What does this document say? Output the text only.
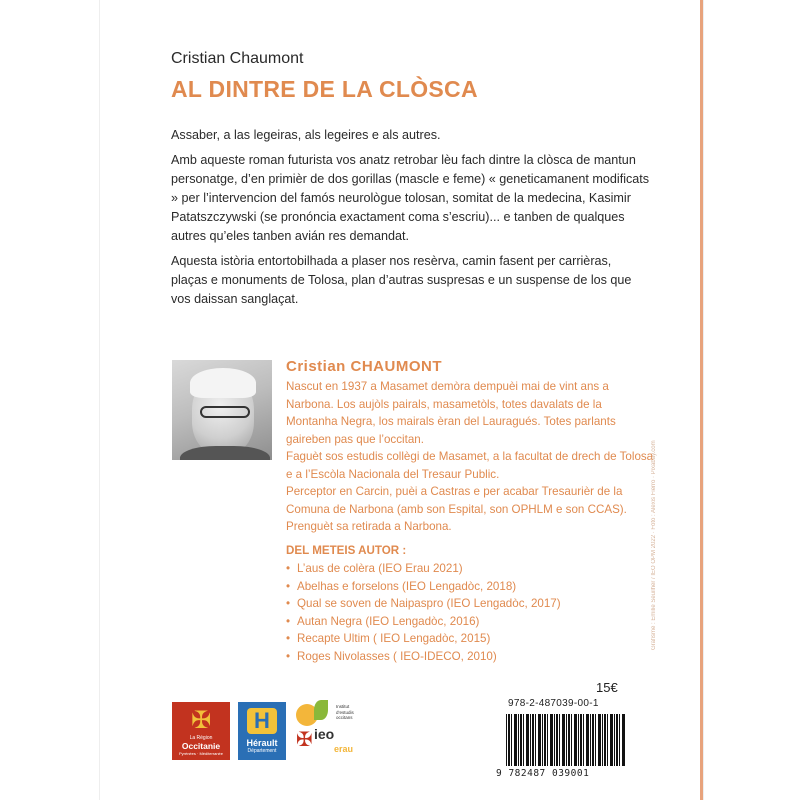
Cristian Chaumont
AL DINTRE DE LA CLÒSCA

Assaber, a las legeiras, als legeires e als autres.

Amb aqueste roman futurista vos anatz retrobar lèu fach dintre la clòsca de mantun personatge, d’en primièr de dos gorillas (mascle e feme) « geneticamanent modificats » per l’intervencion del famós neurològue tolosan, somitat de la medecina, Kasimir Patatszczywski (se pronóncia exactament coma s’escriu)... e tanben de qualques autres qu’eles tanben avián res demandat.

Aquesta istòria entortobilhada a plaser nos resèrva, camin fasent per carrièras, plaças e monuments de Tolosa, plan d’autras suspresas e un suspense de los que vos daissan sanglaçat.

Cristian CHAUMONT

Nascut en 1937 a Masamet demòra dempuèi mai de vint ans a Narbona. Los aujòls pairals, masametòls, totes davalats de la Montanha Negra, los mairals èran del Lauragués. Totes parlants gaireben pas que l’occitan.

Faguèt sos estudis collègi de Masamet, a la facultat de drech de Tolosa e a l’Escòla Nacionala del Tresaur Public.

Perceptor en Carcin, puèi a Castras e per acabar Tresaurièr de la Comuna de Narbona (amb son Espital, son OPHLM e son CCAS).

Prenguèt sa retirada a Narbona.

DEL METEIS AUTOR :
• L’aus de colèra (IEO Erau 2021)
• Abelhas e forselons (IEO Lengadòc, 2018)
• Qual se soven de Naipaspro (IEO Lengadòc, 2017)
• Autan Negra (IEO Lengadòc, 2016)
• Recapte Ultim ( IEO Lengadòc, 2015)
• Roges Nivolasses ( IEO-IDECO, 2010)
Grafisme : Emilie Seuilher / IEO OPM 2022 · Fòto : Alexis Fierro · Pixabay.com
✠
La Région
Occitanie
Pyrénées · Méditerranée
H
Hérault
Département ✠ ieo
Institut d’estudis occitans
erau
15€
978-2-487039-00-1
9 782487 039001
